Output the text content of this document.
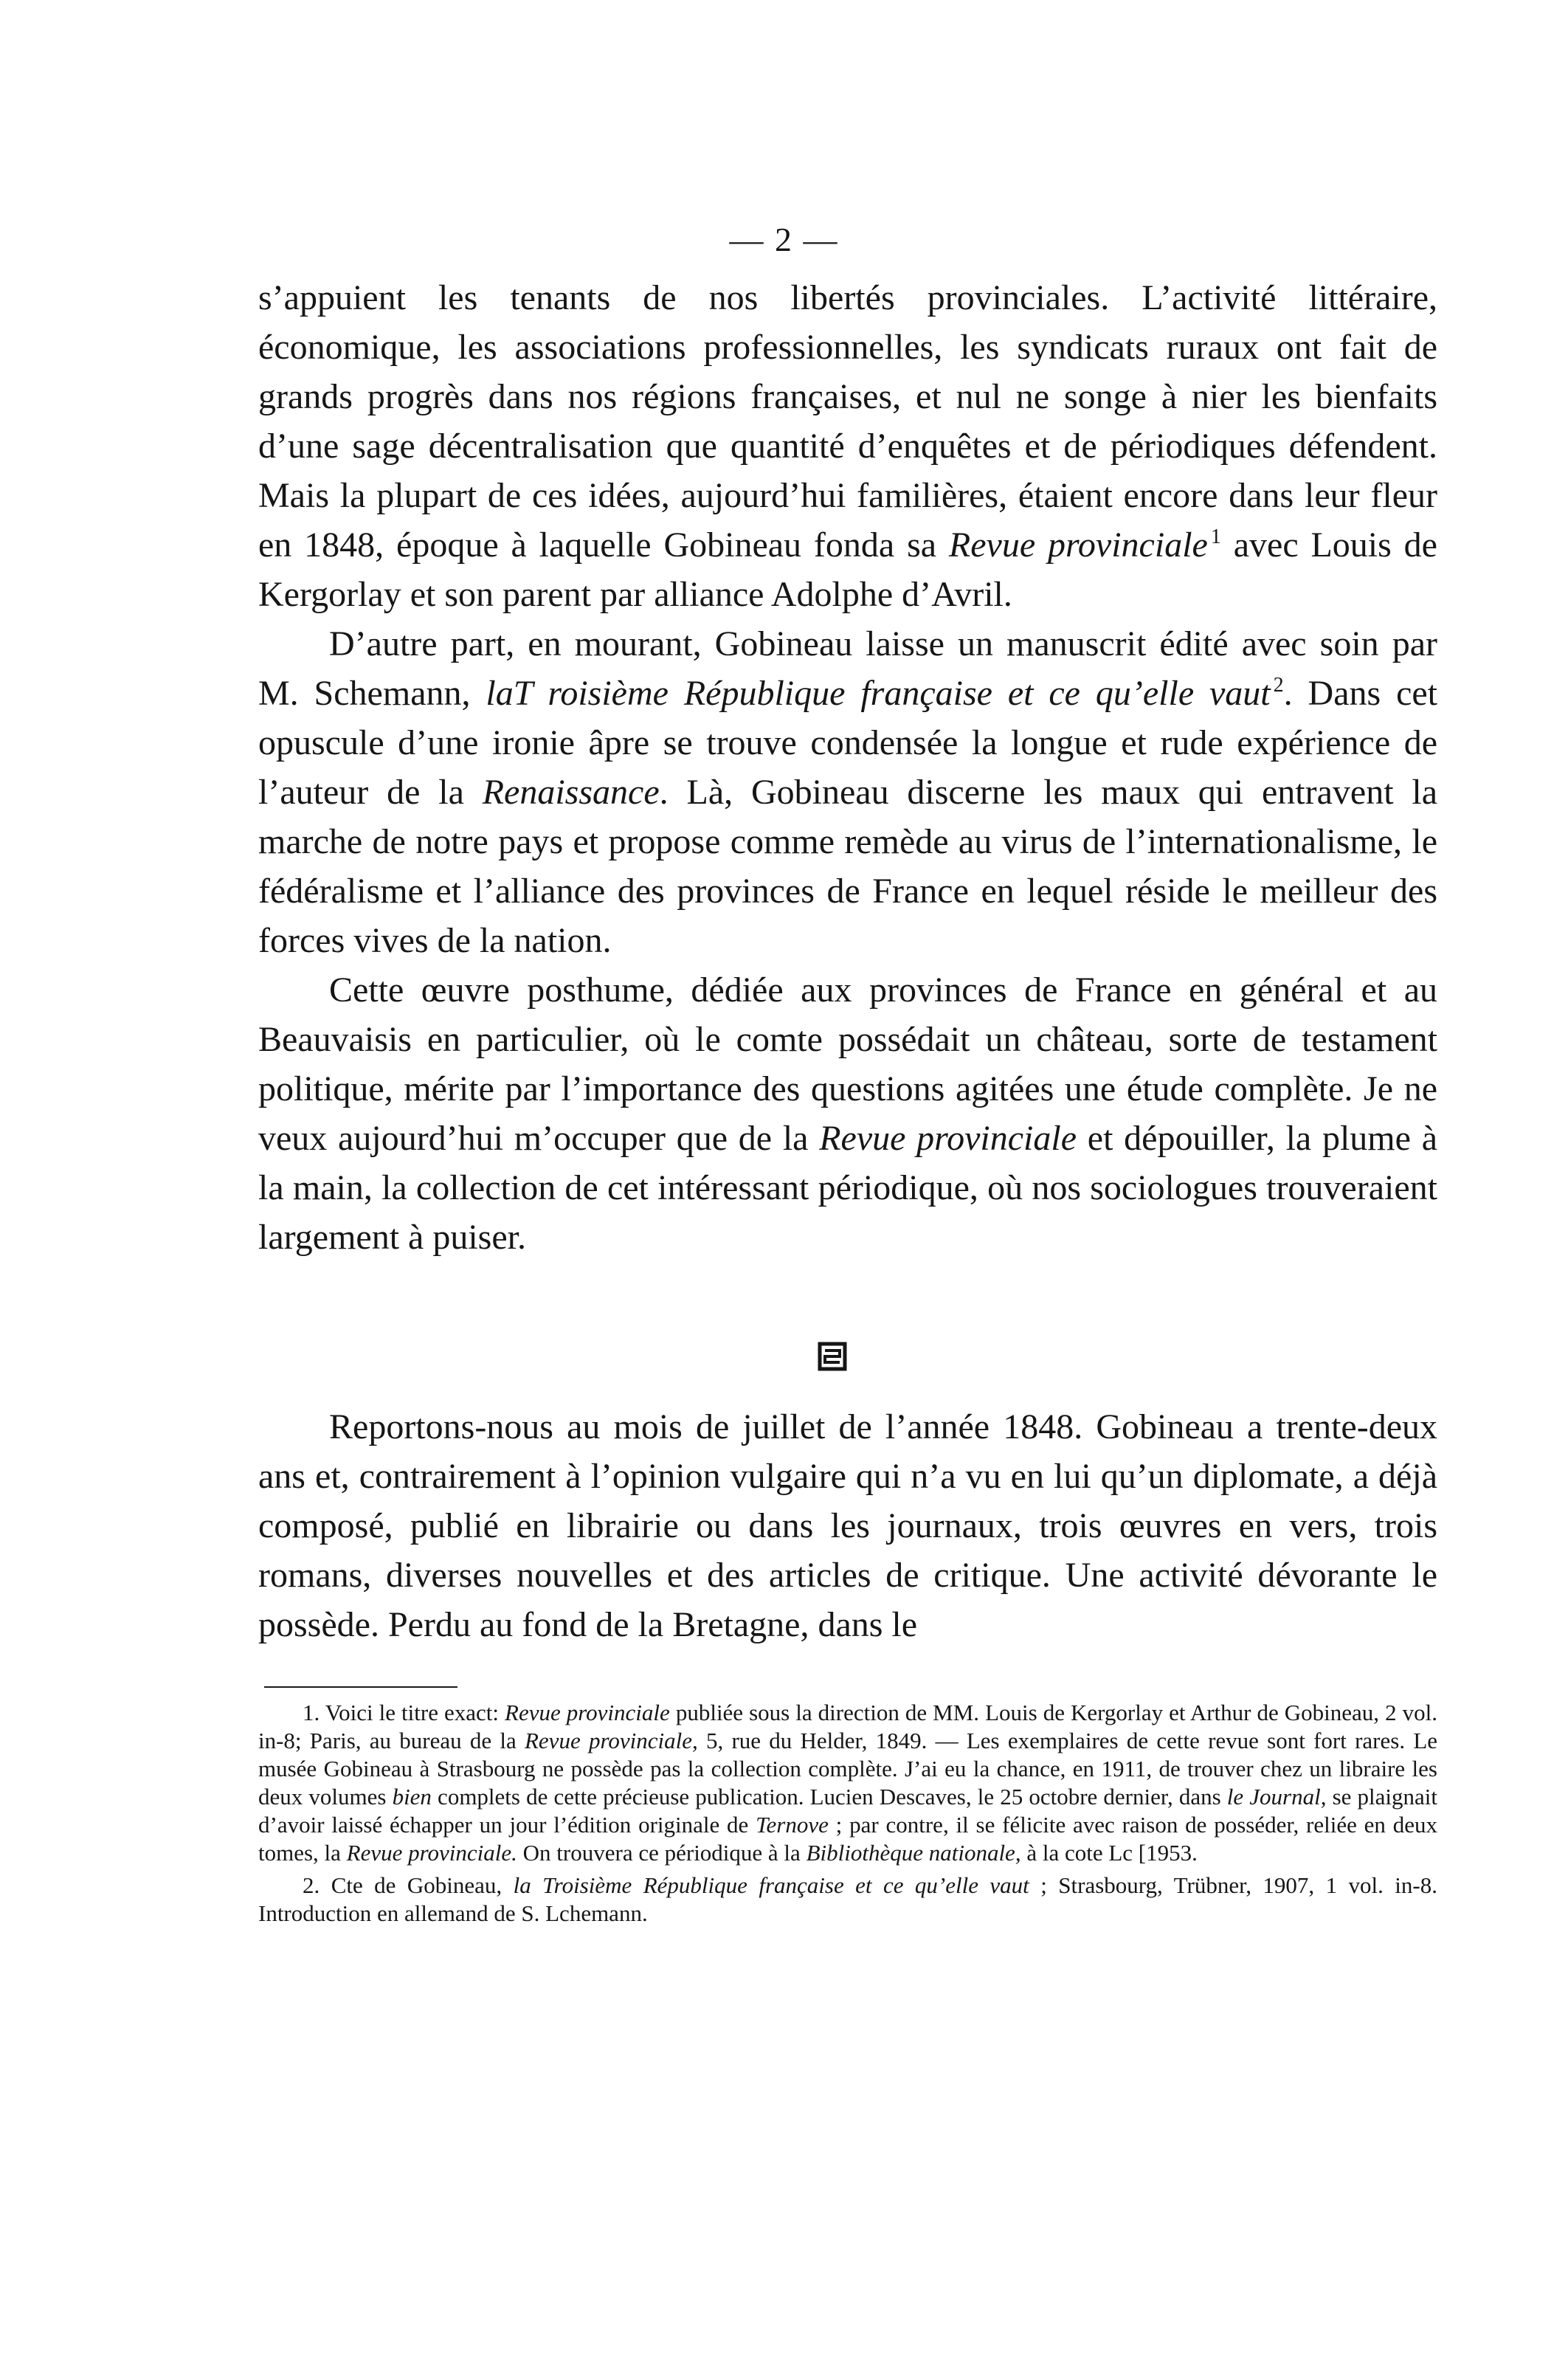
— 2 —

s’appuient les tenants de nos libertés provinciales. L’activité littéraire, économique, les associations professionnelles, les syndicats ruraux ont fait de grands progrès dans nos régions françaises, et nul ne songe à nier les bienfaits d’une sage décentralisation que quantité d’enquêtes et de périodiques défendent. Mais la plupart de ces idées, aujourd’hui familières, étaient encore dans leur fleur en 1848, époque à laquelle Gobineau fonda sa Revue provinciale $^1$ avec Louis de Kergorlay et son parent par alliance Adolphe d’Avril.

D’autre part, en mourant, Gobineau laisse un manuscrit édité avec soin par M. Schemann, laT roisième République française et ce qu’elle vaut $^2$. Dans cet opuscule d’une ironie âpre se trouve condensée la longue et rude expérience de l’auteur de la Renaissance. Là, Gobineau discerne les maux qui entravent la marche de notre pays et propose comme remède au virus de l’internationalisme, le fédéralisme et l’alliance des provinces de France en lequel réside le meilleur des forces vives de la nation.

Cette œuvre posthume, dédiée aux provinces de France en général et au Beauvaisis en particulier, où le comte possédait un château, sorte de testament politique, mérite par l’importance des questions agitées une étude complète. Je ne veux aujourd’hui m’occuper que de la Revue provinciale et dépouiller, la plume à la main, la collection de cet intéressant périodique, où nos sociologues trouveraient largement à puiser.

Reportons-nous au mois de juillet de l’année 1848. Gobineau a trente-deux ans et, contrairement à l’opinion vulgaire qui n’a vu en lui qu’un diplomate, a déjà composé, publié en librairie ou dans les journaux, trois œuvres en vers, trois romans, diverses nouvelles et des articles de critique. Une activité dévorante le possède. Perdu au fond de la Bretagne, dans le

1. Voici le titre exact: Revue provinciale publiée sous la direction de MM. Louis de Kergorlay et Arthur de Gobineau, 2 vol. in-8; Paris, au bureau de la Revue provinciale, 5, rue du Helder, 1849. — Les exemplaires de cette revue sont fort rares. Le musée Gobineau à Strasbourg ne possède pas la collection complète. J’ai eu la chance, en 1911, de trouver chez un libraire les deux volumes bien complets de cette précieuse publication. Lucien Descaves, le 25 octobre dernier, dans le Journal, se plaignait d’avoir laissé échapper un jour l’édition originale de Ternove ; par contre, il se félicite avec raison de posséder, reliée en deux tomes, la Revue provinciale. On trouvera ce périodique à la Bibliothèque nationale, à la cote Lc [1953.

2. Cte de Gobineau, la Troisième République française et ce qu’elle vaut ; Strasbourg, Trübner, 1907, 1 vol. in-8. Introduction en allemand de S. Lchemann.
